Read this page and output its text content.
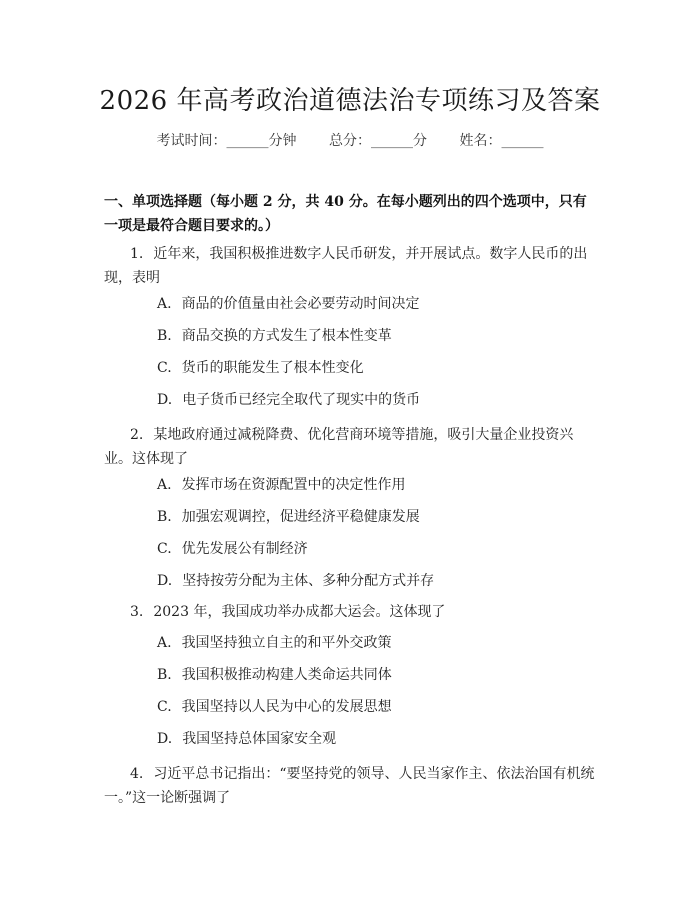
2026 年高考政治道德法治专项练习及答案
考试时间：______分钟 总分：______分 姓名：______
一、单项选择题（每小题 2 分，共 40 分。在每小题列出的四个选项中，只有一项是最符合题目要求的。）
1. 近年来，我国积极推进数字人民币研发，并开展试点。数字人民币的出现，表明
A. 商品的价值量由社会必要劳动时间决定
B. 商品交换的方式发生了根本性变革
C. 货币的职能发生了根本性变化
D. 电子货币已经完全取代了现实中的货币
2. 某地政府通过减税降费、优化营商环境等措施，吸引大量企业投资兴业。这体现了
A. 发挥市场在资源配置中的决定性作用
B. 加强宏观调控，促进经济平稳健康发展
C. 优先发展公有制经济
D. 坚持按劳分配为主体、多种分配方式并存
3. 2023 年，我国成功举办成都大运会。这体现了
A. 我国坚持独立自主的和平外交政策
B. 我国积极推动构建人类命运共同体
C. 我国坚持以人民为中心的发展思想
D. 我国坚持总体国家安全观
4. 习近平总书记指出：“要坚持党的领导、人民当家作主、依法治国有机统一。”这一论断强调了
